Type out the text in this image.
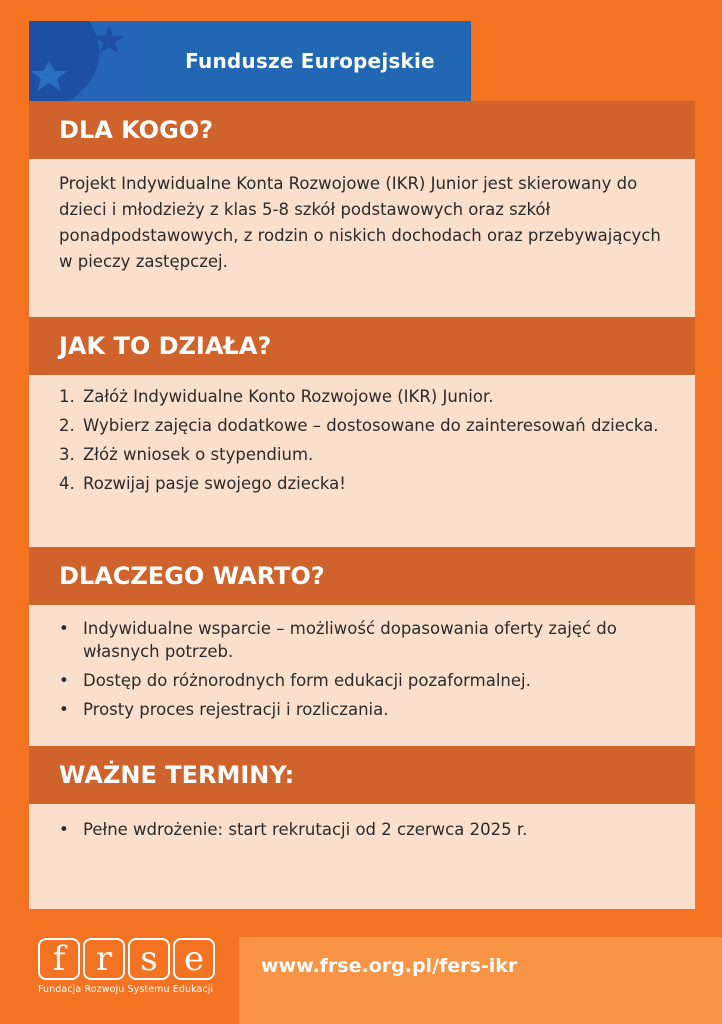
Fundusze Europejskie
DLA KOGO?

Projekt Indywidualne Konta Rozwojowe (IKR) Junior jest skierowany do dzieci i młodzieży z klas 5-8 szkół podstawowych oraz szkół ponadpodstawowych, z rodzin o niskich dochodach oraz przebywających w pieczy zastępczej.

JAK TO DZIAŁA?
1. Załóż Indywidualne Konto Rozwojowe (IKR) Junior.
2. Wybierz zajęcia dodatkowe – dostosowane do zainteresowań dziecka.
3. Złóż wniosek o stypendium.
4. Rozwijaj pasje swojego dziecka!
DLACZEGO WARTO?
• Indywidualne wsparcie – możliwość dopasowania oferty zajęć do własnych potrzeb.
• Dostęp do różnorodnych form edukacji pozaformalnej.
• Prosty proces rejestracji i rozliczania.
WAŻNE TERMINY:
• Pełne wdrożenie: start rekrutacji od 2 czerwca 2025 r.
f r s e
Fundacja Rozwoju Systemu Edukacji
www.frse.org.pl/fers-ikr
